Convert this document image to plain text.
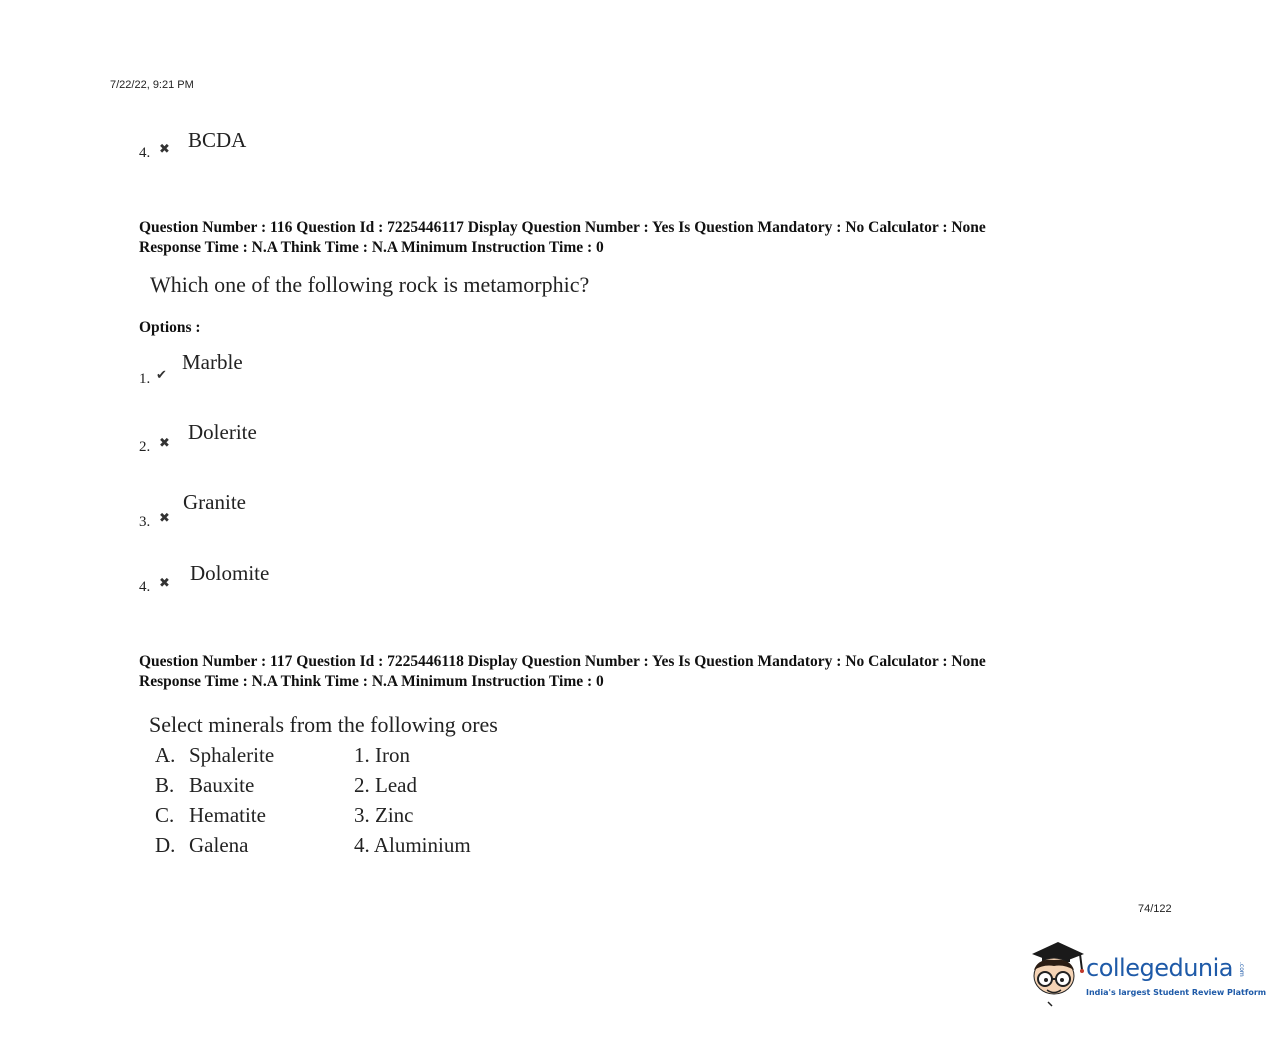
7/22/22, 9:21 PM
4. ✖ BCDA
Question Number : 116 Question Id : 7225446117 Display Question Number : Yes Is Question Mandatory : No Calculator : None
Response Time : N.A Think Time : N.A Minimum Instruction Time : 0
Which one of the following rock is metamorphic?
Options :
1. ✔
Marble
2. ✖ Dolerite
3. ✖
Granite
4. ✖ Dolomite
Question Number : 117 Question Id : 7225446118 Display Question Number : Yes Is Question Mandatory : No Calculator : None
Response Time : N.A Think Time : N.A Minimum Instruction Time : 0
Select minerals from the following ores
A. Sphalerite
B. Bauxite
C. Hematite
D. Galena
1. Iron
2. Lead
3. Zinc
4. Aluminium
74/122
collegedunia .com
India's largest Student Review Platform
